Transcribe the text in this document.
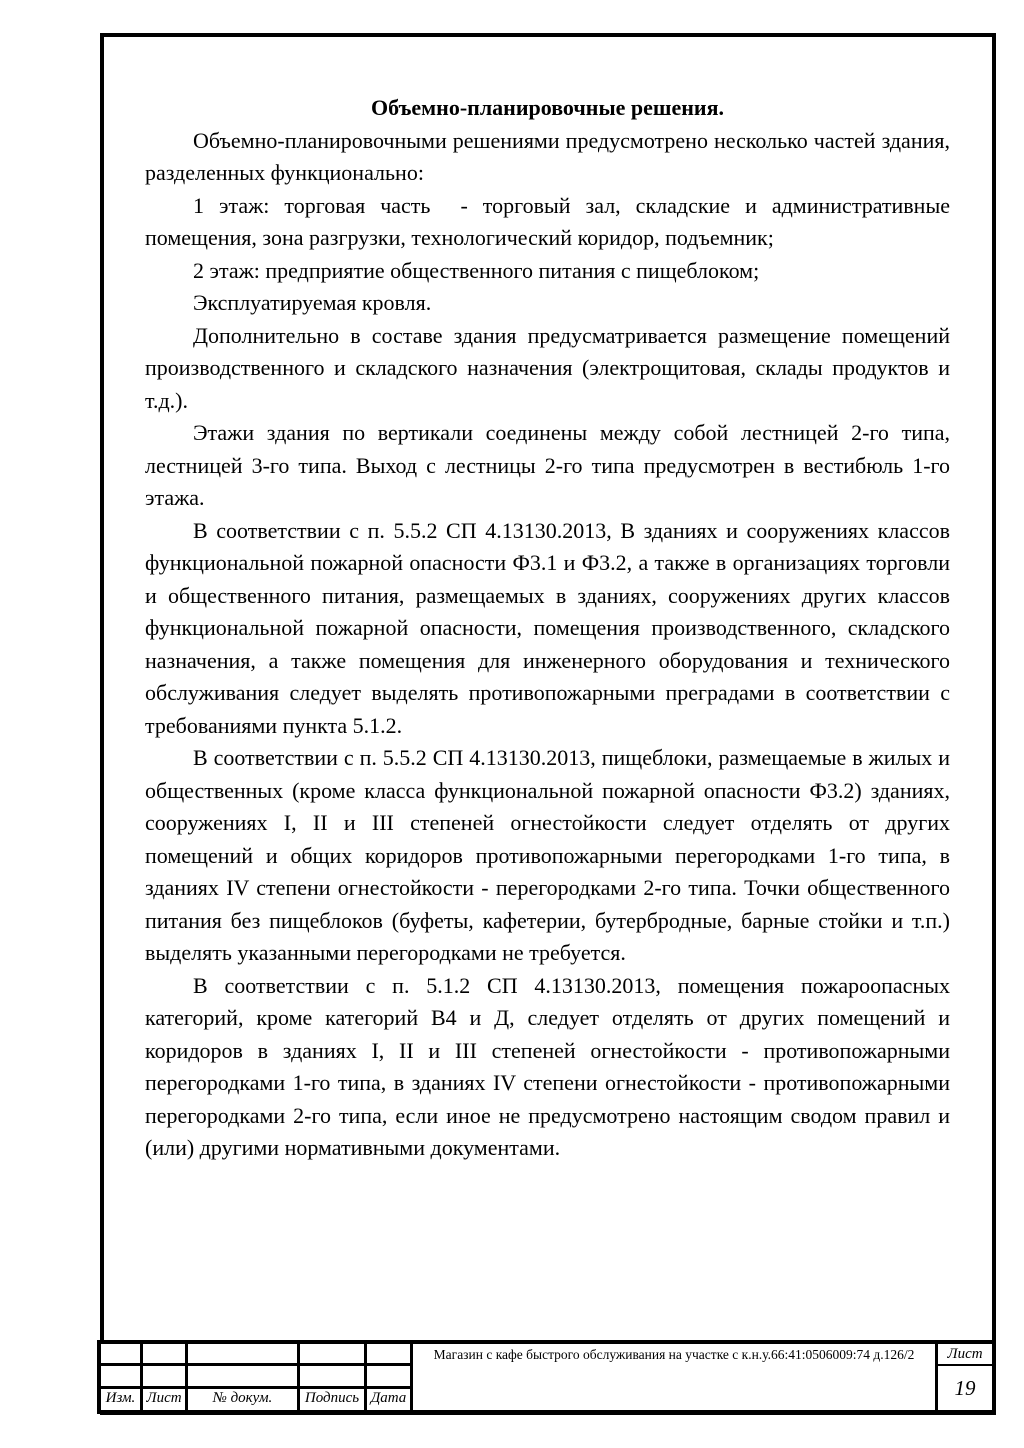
Объемно-планировочные решения.

Объемно-планировочными решениями предусмотрено несколько частей здания, разделенных функционально:

1 этаж: торговая часть  - торговый зал, складские и административные помещения, зона разгрузки, технологический коридор, подъемник;

2 этаж: предприятие общественного питания с пищеблоком;

Эксплуатируемая кровля.

Дополнительно в составе здания предусматривается размещение помещений производственного и складского назначения (электрощитовая, склады продуктов и т.д.).

Этажи здания по вертикали соединены между собой лестницей 2-го типа, лестницей 3-го типа. Выход с лестницы 2-го типа предусмотрен в вестибюль 1-го этажа.

В соответствии с п. 5.5.2 СП 4.13130.2013, В зданиях и сооружениях классов функциональной пожарной опасности Ф3.1 и Ф3.2, а также в организациях торговли и общественного питания, размещаемых в зданиях, сооружениях других классов функциональной пожарной опасности, помещения производственного, складского назначения, а также помещения для инженерного оборудования и технического обслуживания следует выделять противопожарными преградами в соответствии с требованиями пункта 5.1.2.

В соответствии с п. 5.5.2 СП 4.13130.2013, пищеблоки, размещаемые в жилых и общественных (кроме класса функциональной пожарной опасности Ф3.2) зданиях, сооружениях I, II и III степеней огнестойкости следует отделять от других помещений и общих коридоров противопожарными перегородками 1-го типа, в зданиях IV степени огнестойкости - перегородками 2-го типа. Точки общественного питания без пищеблоков (буфеты, кафетерии, бутербродные, барные стойки и т.п.) выделять указанными перегородками не требуется.

В соответствии с п. 5.1.2 СП 4.13130.2013, помещения пожароопасных категорий, кроме категорий В4 и Д, следует отделять от других помещений и коридоров в зданиях I, II и III степеней огнестойкости - противопожарными перегородками 1-го типа, в зданиях IV степени огнестойкости - противопожарными перегородками 2-го типа, если иное не предусмотрено настоящим сводом правил и (или) другими нормативными документами.

Изм. Лист	№ докум.	Подпись Дата
Магазин с кафе быстрого обслуживания на участке с к.н.у.66:41:0506009:74 д.126/2	Лист
19
